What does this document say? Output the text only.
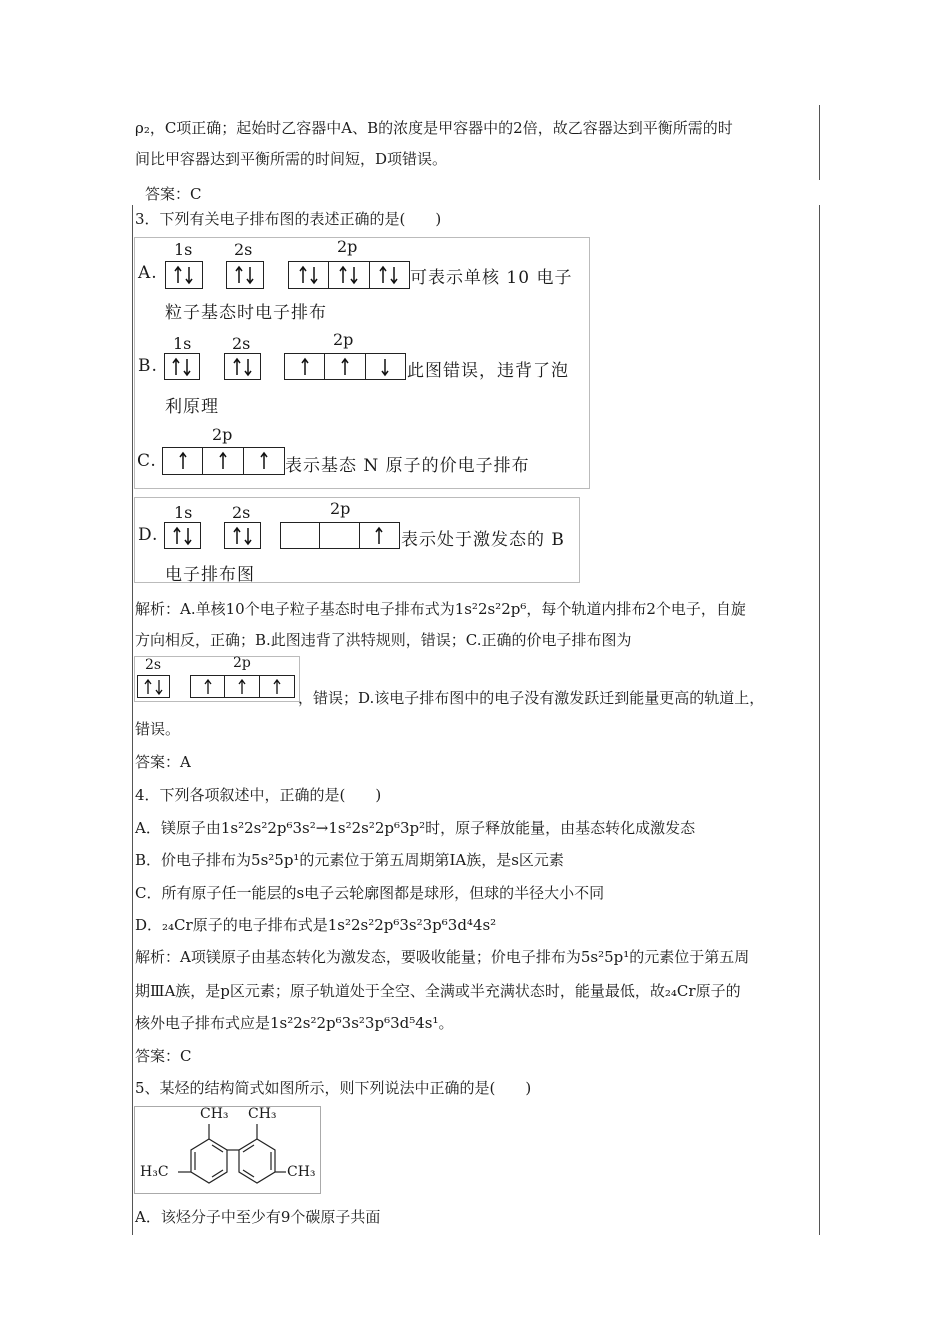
ρ₂，C项正确；起始时乙容器中A、B的浓度是甲容器中的2倍，故乙容器达到平衡所需的时
间比甲容器达到平衡所需的时间短，D项错误。
答案：C
3．下列有关电子排布图的表述正确的是(　　)
1s	2s	2p
A.	可表示单核 10 电子
粒子基态时电子排布
1s	2s	2p
B.	此图错误，违背了泡
利原理
2p
C.	表示基态 N 原子的价电子排布
1s 2s	2p
D.	表示处于激发态的 B
电子排布图
解析：A.单核10个电子粒子基态时电子排布式为1s²2s²2p⁶，每个轨道内排布2个电子，自旋
方向相反，正确；B.此图违背了洪特规则，错误；C.正确的价电子排布图为
2s	2p
，错误；D.该电子排布图中的电子没有激发跃迁到能量更高的轨道上，
错误。
答案：A
4．下列各项叙述中，正确的是(　　)
A．镁原子由1s²2s²2p⁶3s²→1s²2s²2p⁶3p²时，原子释放能量，由基态转化成激发态
B．价电子排布为5s²5p¹的元素位于第五周期第ⅠA族，是s区元素
C．所有原子任一能层的s电子云轮廓图都是球形，但球的半径大小不同
D．₂₄Cr原子的电子排布式是1s²2s²2p⁶3s²3p⁶3d⁴4s²
解析：A项镁原子由基态转化为激发态，要吸收能量；价电子排布为5s²5p¹的元素位于第五周
期ⅢA族，是p区元素；原子轨道处于全空、全满或半充满状态时，能量最低，故₂₄Cr原子的
核外电子排布式应是1s²2s²2p⁶3s²3p⁶3d⁵4s¹。
答案：C
5、某烃的结构简式如图所示，则下列说法中正确的是(　　)
CH₃ CH₃
H₃C	CH₃
A．该烃分子中至少有9个碳原子共面
